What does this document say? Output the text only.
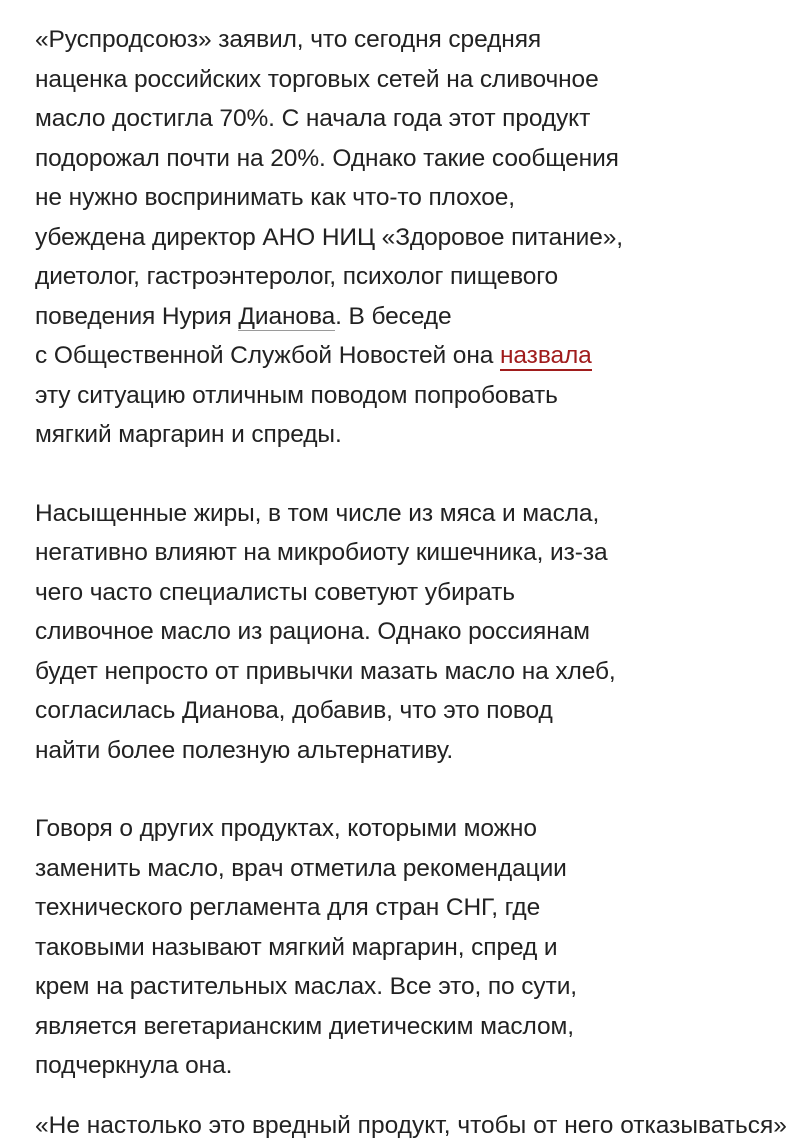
«Руспродсоюз» заявил, что сегодня средняя
наценка российских торговых сетей на сливочное
масло достигла 70%. С начала года этот продукт
подорожал почти на 20%. Однако такие сообщения
не нужно воспринимать как что-то плохое,
убеждена директор АНО НИЦ «Здоровое питание»,
диетолог, гастроэнтеролог, психолог пищевого
поведения Нурия Дианова. В беседе
с Общественной Службой Новостей она назвала
эту ситуацию отличным поводом попробовать
мягкий маргарин и спреды.

Насыщенные жиры, в том числе из мяса и масла,
негативно влияют на микробиоту кишечника, из-за
чего часто специалисты советуют убирать
сливочное масло из рациона. Однако россиянам
будет непросто от привычки мазать масло на хлеб,
согласилась Дианова, добавив, что это повод
найти более полезную альтернативу.

Говоря о других продуктах, которыми можно
заменить масло, врач отметила рекомендации
технического регламента для стран СНГ, где
таковыми называют мягкий маргарин, спред и
крем на растительных маслах. Все это, по сути,
является вегетарианским диетическим маслом,
подчеркнула она.

«Не настолько это вредный продукт, чтобы от него отказываться»
